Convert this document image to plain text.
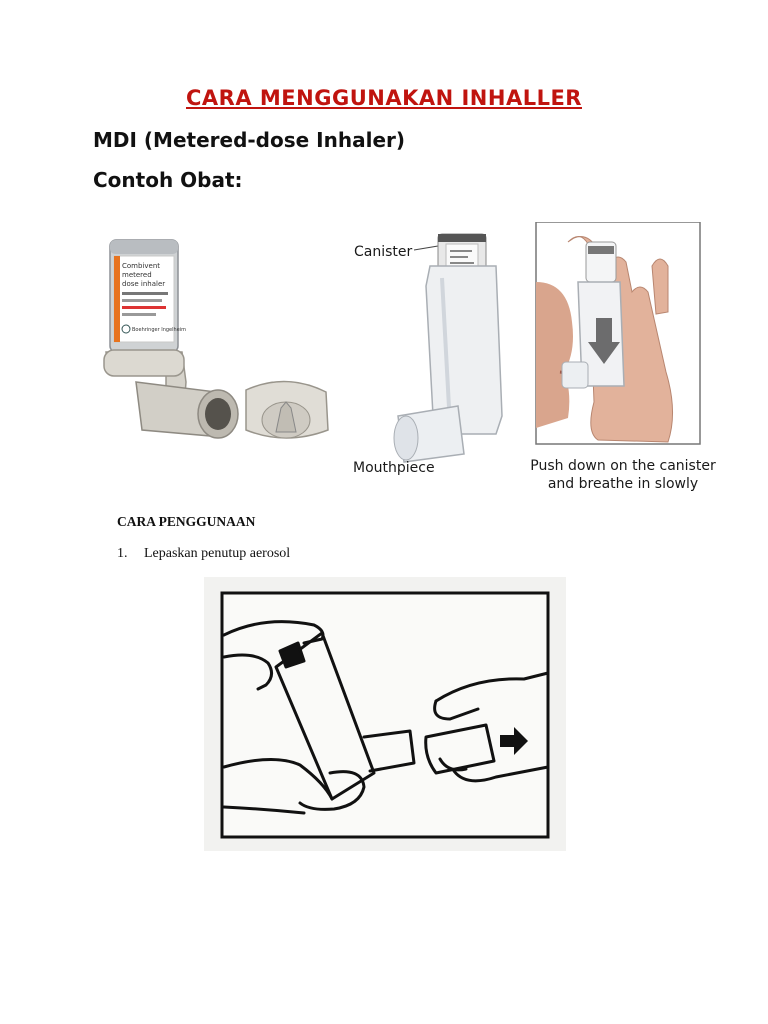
CARA MENGGUNAKAN INHALLER
MDI (Metered-dose Inhaler)
Contoh Obat:
Combivent
metered
dose inhaler
Boehringer Ingelheim
Canister
Mouthpiece	Push down on the canister
and breathe in slowly
CARA PENGGUNAAN
1. Lepaskan penutup aerosol
